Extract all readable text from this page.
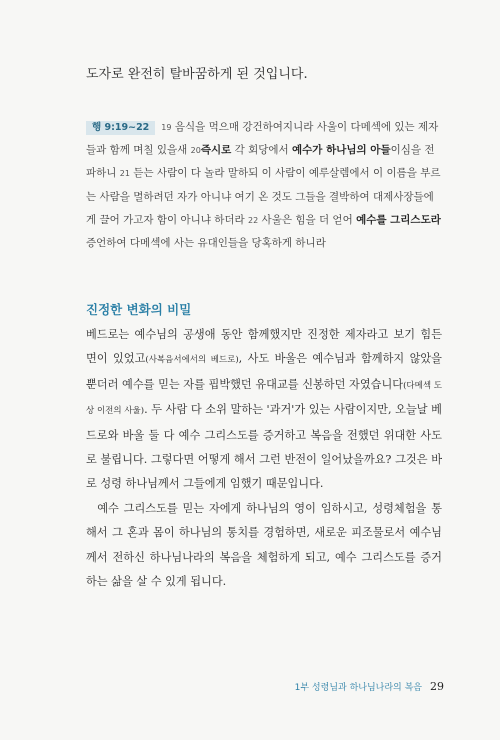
도자로 완전히 탈바꿈하게 된 것입니다.

행 9:19~22 19 음식을 먹으매 강건하여지니라 사울이 다메섹에 있는 제자들과 함께 며칠 있을새 20즉시로 각 회당에서 예수가 하나님의 아들이심을 전파하니 21 듣는 사람이 다 놀라 말하되 이 사람이 예루살렘에서 이 이름을 부르는 사람을 멸하려던 자가 아니냐 여기 온 것도 그들을 결박하여 대제사장들에게 끌어 가고자 함이 아니냐 하더라 22 사울은 힘을 더 얻어 예수를 그리스도라 증언하여 다메섹에 사는 유대인들을 당혹하게 하니라

진정한 변화의 비밀

베드로는 예수님의 공생애 동안 함께했지만 진정한 제자라고 보기 힘든 면이 있었고(사복음서에서의 베드로), 사도 바울은 예수님과 함께하지 않았을 뿐더러 예수를 믿는 자를 핍박했던 유대교를 신봉하던 자였습니다(다메섹 도상 이전의 사울). 두 사람 다 소위 말하는 '과거'가 있는 사람이지만, 오늘날 베드로와 바울 둘 다 예수 그리스도를 증거하고 복음을 전했던 위대한 사도로 불립니다. 그렇다면 어떻게 해서 그런 반전이 일어났을까요? 그것은 바로 성령 하나님께서 그들에게 임했기 때문입니다.

예수 그리스도를 믿는 자에게 하나님의 영이 임하시고, 성령체험을 통해서 그 혼과 몸이 하나님의 통치를 경험하면, 새로운 피조물로서 예수님께서 전하신 하나님나라의 복음을 체험하게 되고, 예수 그리스도를 증거하는 삶을 살 수 있게 됩니다.

1부 성령님과 하나님나라의 복음 29
